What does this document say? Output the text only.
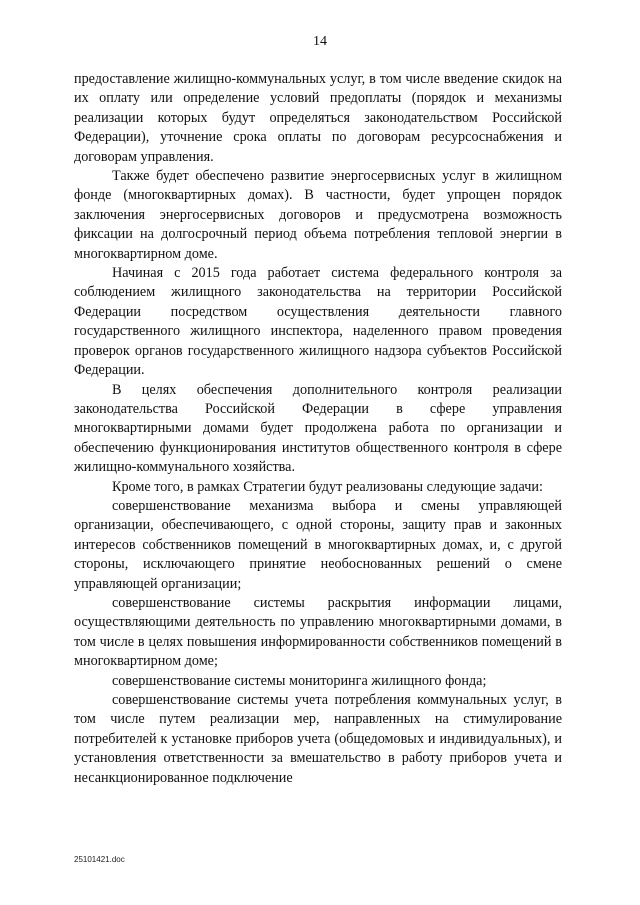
14

предоставление жилищно-коммунальных услуг, в том числе введение скидок на их оплату или определение условий предоплаты (порядок и механизмы реализации которых будут определяться законодательством Российской Федерации), уточнение срока оплаты по договорам ресурсоснабжения и договорам управления.

Также будет обеспечено развитие энергосервисных услуг в жилищном фонде (многоквартирных домах). В частности, будет упрощен порядок заключения энергосервисных договоров и предусмотрена возможность фиксации на долгосрочный период объема потребления тепловой энергии в многоквартирном доме.

Начиная с 2015 года работает система федерального контроля за соблюдением жилищного законодательства на территории Российской Федерации посредством осуществления деятельности главного государственного жилищного инспектора, наделенного правом проведения проверок органов государственного жилищного надзора субъектов Российской Федерации.

В целях обеспечения дополнительного контроля реализации законодательства Российской Федерации в сфере управления многоквартирными домами будет продолжена работа по организации и обеспечению функционирования институтов общественного контроля в сфере жилищно-коммунального хозяйства.

Кроме того, в рамках Стратегии будут реализованы следующие задачи:

совершенствование механизма выбора и смены управляющей организации, обеспечивающего, с одной стороны, защиту прав и законных интересов собственников помещений в многоквартирных домах, и, с другой стороны, исключающего принятие необоснованных решений о смене управляющей организации;

совершенствование системы раскрытия информации лицами, осуществляющими деятельность по управлению многоквартирными домами, в том числе в целях повышения информированности собственников помещений в многоквартирном доме;

совершенствование системы мониторинга жилищного фонда;

совершенствование системы учета потребления коммунальных услуг, в том числе путем реализации мер, направленных на стимулирование потребителей к установке приборов учета (общедомовых и индивидуальных), и установления ответственности за вмешательство в работу приборов учета и несанкционированное подключение

25101421.doc
